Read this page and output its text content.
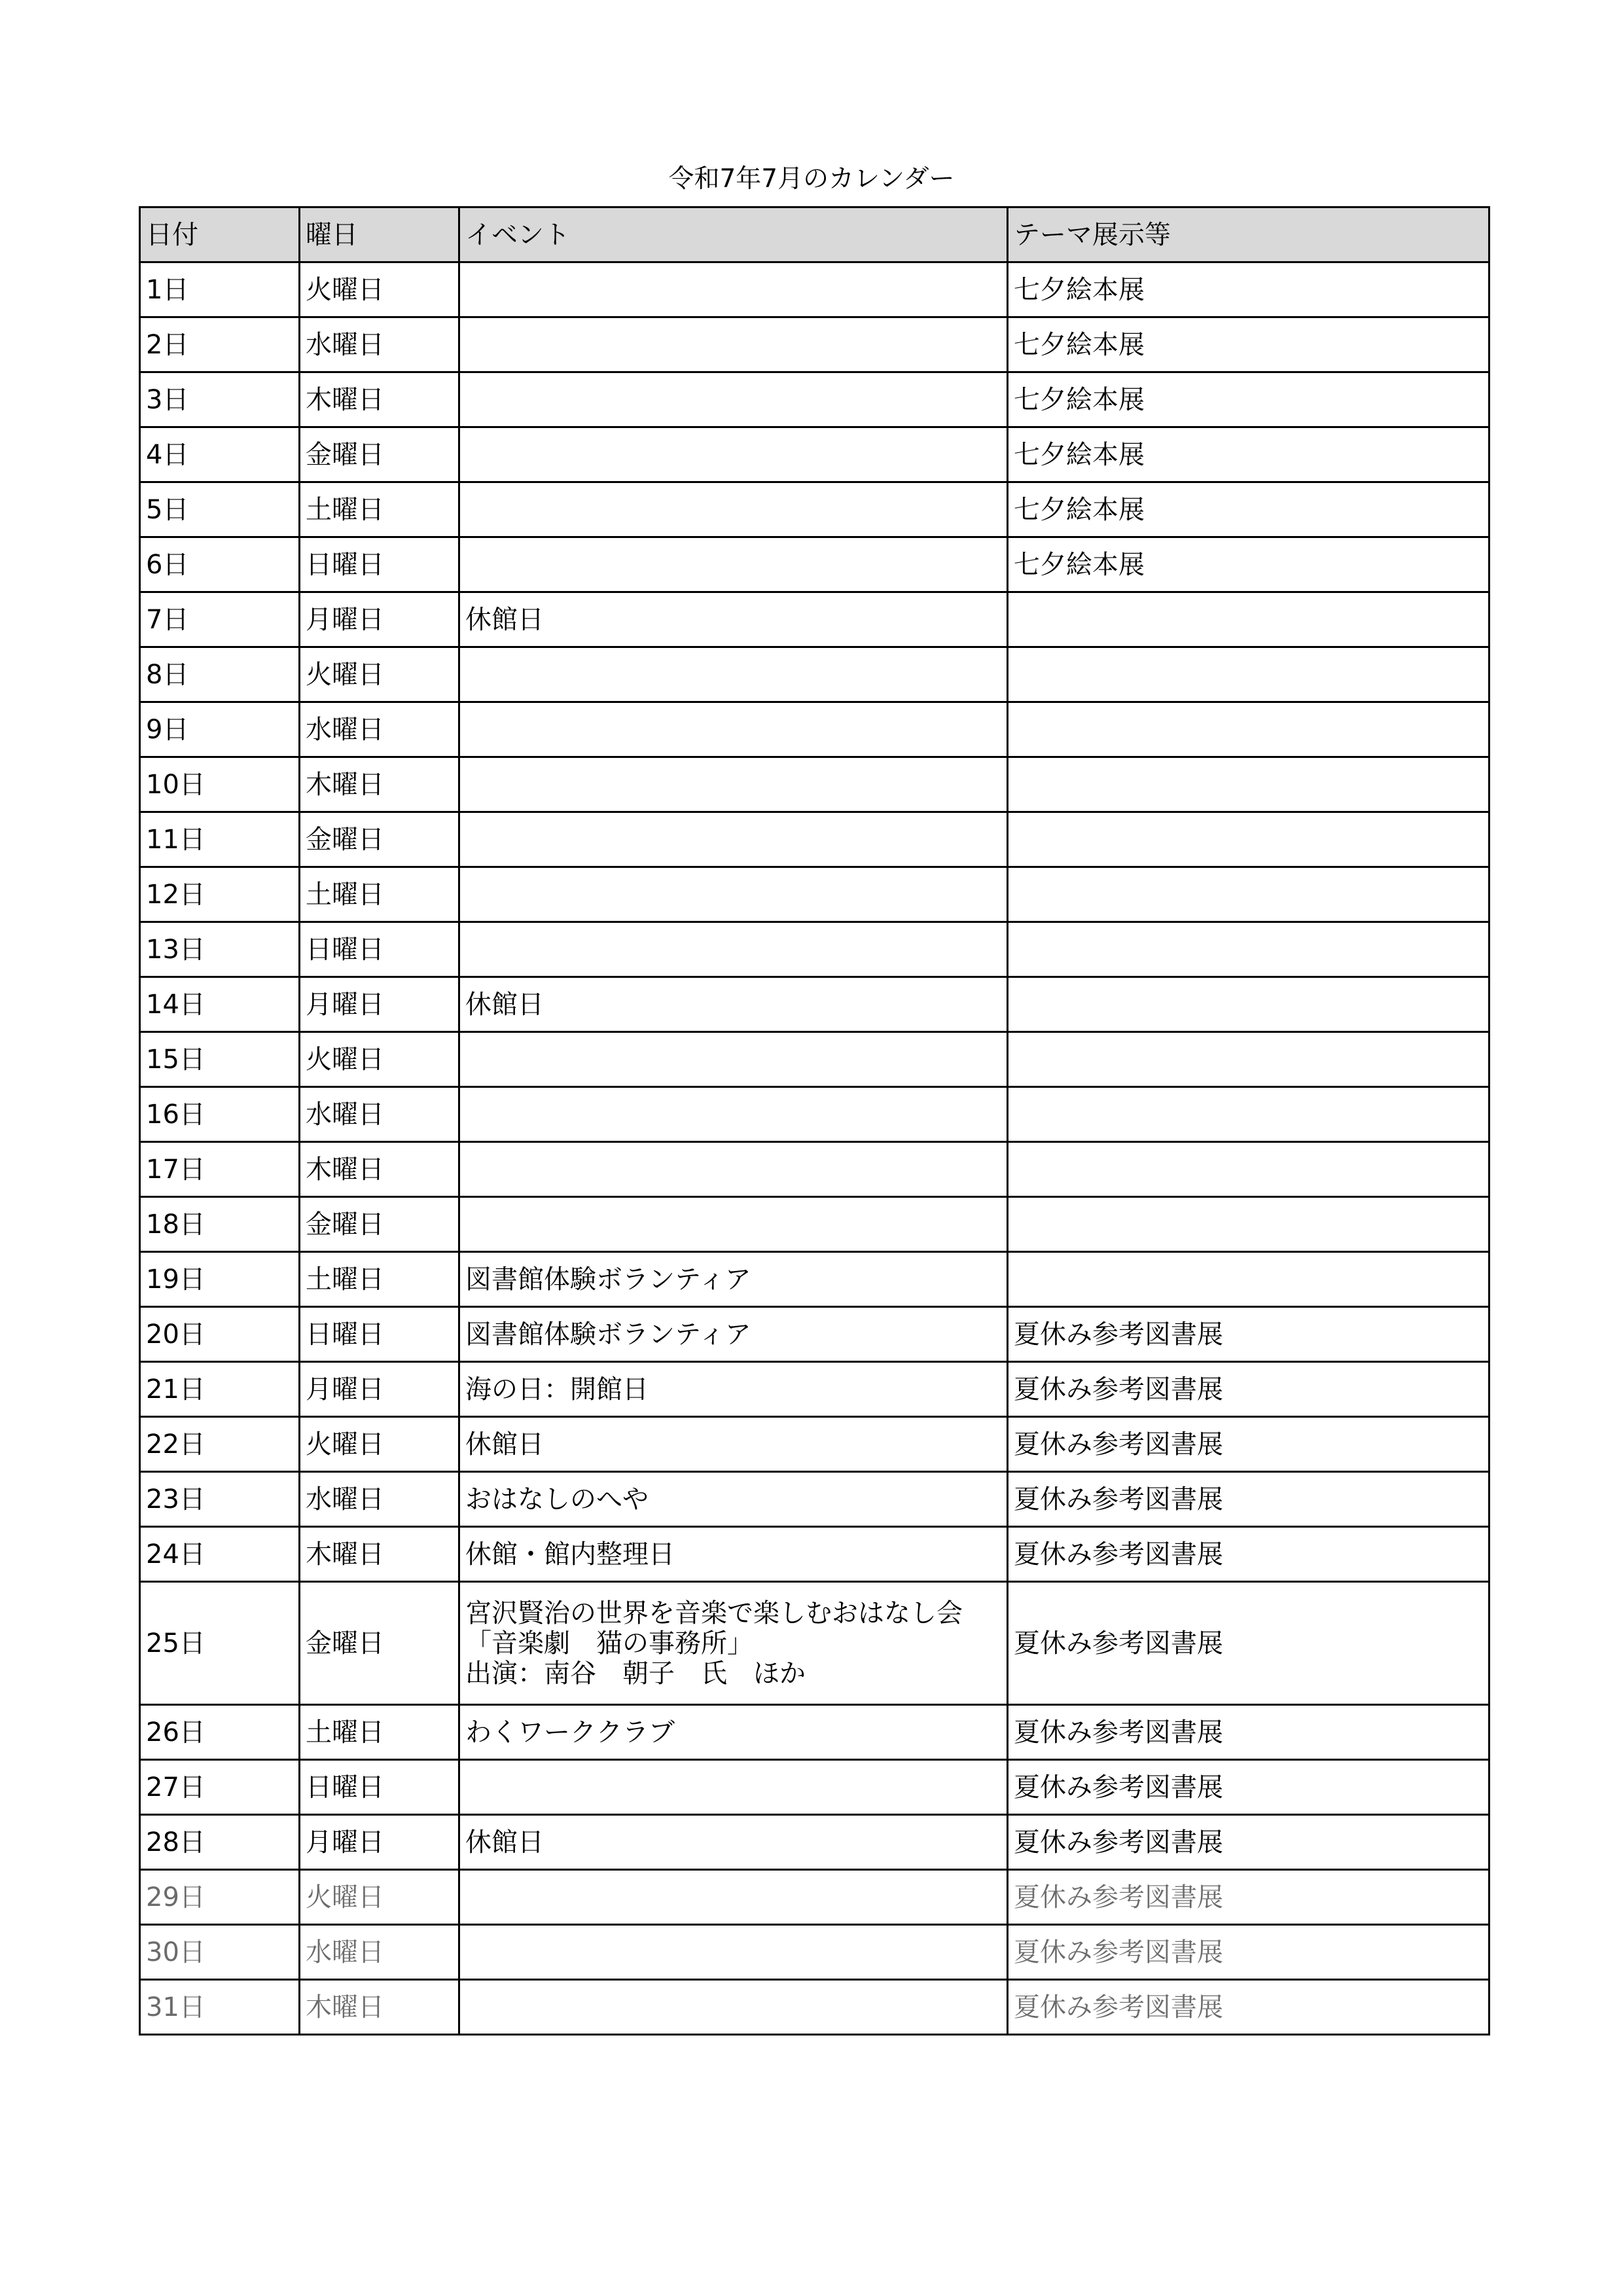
令和7年7月のカレンダー
日付	曜日	イベント	テーマ展示等
1日	火曜日		七夕絵本展
2日	水曜日		七夕絵本展
3日	木曜日		七夕絵本展
4日	金曜日		七夕絵本展
5日	土曜日		七夕絵本展
6日	日曜日		七夕絵本展
7日	月曜日	休館日	

8日	火曜日		
9日	水曜日		
10日	木曜日		
11日	金曜日		
12日	土曜日		
13日	日曜日		
14日	月曜日	休館日	

15日	火曜日		
16日	水曜日		
17日	木曜日		
18日	金曜日		
19日	土曜日	図書館体験ボランティア	

20日	日曜日	図書館体験ボランティア	夏休み参考図書展
21日	月曜日	海の日：開館日	夏休み参考図書展
22日	火曜日	休館日	夏休み参考図書展
23日	水曜日	おはなしのへや	夏休み参考図書展
24日	木曜日	休館・館内整理日	夏休み参考図書展
25日	金曜日	宮沢賢治の世界を音楽で楽しむおはなし会
「音楽劇　猫の事務所」
出演：南谷　朝子　氏　ほか	夏休み参考図書展
26日	土曜日	わくワーククラブ	夏休み参考図書展
27日	日曜日		夏休み参考図書展
28日	月曜日	休館日	夏休み参考図書展
29日	火曜日		夏休み参考図書展
30日	水曜日		夏休み参考図書展
31日	木曜日		夏休み参考図書展
